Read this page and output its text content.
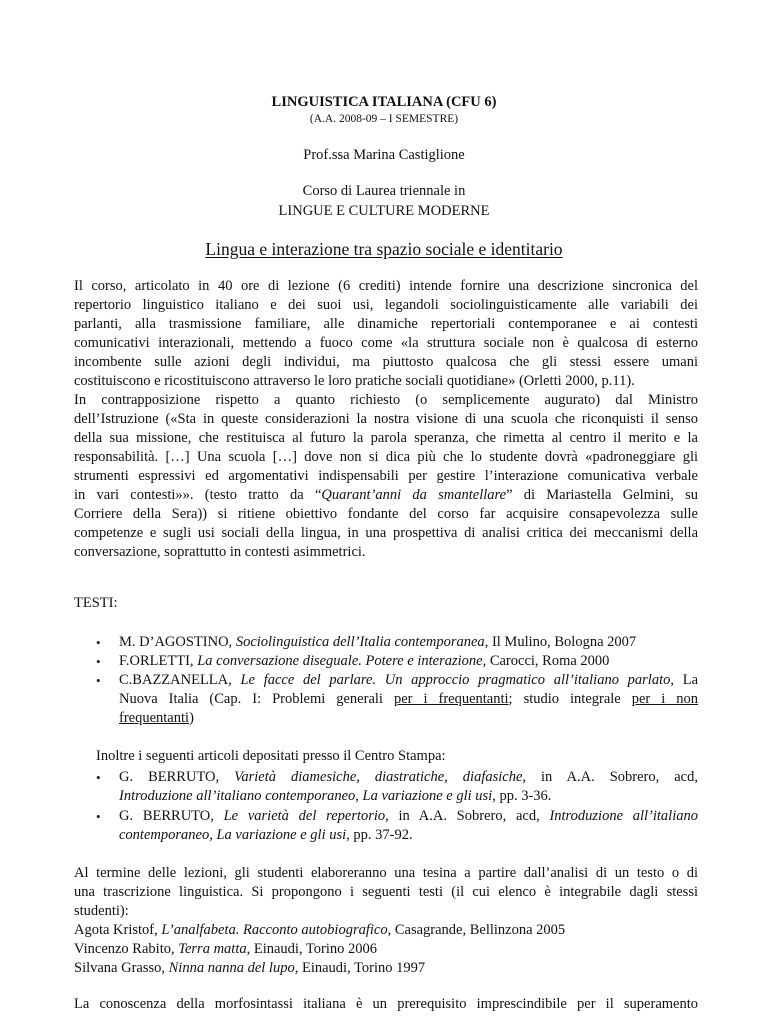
LINGUISTICA ITALIANA (CFU 6)
(A.A. 2008-09 – I SEMESTRE)
Prof.ssa Marina Castiglione
Corso di Laurea triennale in
LINGUE E CULTURE MODERNE
Lingua e interazione tra spazio sociale e identitario
Il corso, articolato in 40 ore di lezione (6 crediti) intende fornire una descrizione sincronica del
repertorio linguistico italiano e dei suoi usi, legandoli sociolinguisticamente alle variabili dei
parlanti, alla trasmissione familiare, alle dinamiche repertoriali contemporanee e ai contesti
comunicativi interazionali, mettendo a fuoco come «la struttura sociale non è qualcosa di esterno
incombente sulle azioni degli individui, ma piuttosto qualcosa che gli stessi essere umani
costituiscono e ricostituiscono attraverso le loro pratiche sociali quotidiane» (Orletti 2000, p.11).
In contrapposizione rispetto a quanto richiesto (o semplicemente augurato) dal Ministro
dell’Istruzione («Sta in queste considerazioni la nostra visione di una scuola che riconquisti il senso
della sua missione, che restituisca al futuro la parola speranza, che rimetta al centro il merito e la
responsabilità. […] Una scuola […] dove non si dica più che lo studente dovrà «padroneggiare gli
strumenti espressivi ed argomentativi indispensabili per gestire l’interazione comunicativa verbale
in vari contesti»». (testo tratto da “Quarant’anni da smantellare” di Mariastella Gelmini, su
Corriere della Sera)) si ritiene obiettivo fondante del corso far acquisire consapevolezza sulle
competenze e sugli usi sociali della lingua, in una prospettiva di analisi critica dei meccanismi della
conversazione, soprattutto in contesti asimmetrici.
TESTI:
• M. D’AGOSTINO, Sociolinguistica dell’Italia contemporanea, Il Mulino, Bologna 2007
• F.ORLETTI, La conversazione diseguale. Potere e interazione, Carocci, Roma 2000
• C.BAZZANELLA, Le facce del parlare. Un approccio pragmatico all’italiano parlato, La
Nuova Italia (Cap. I: Problemi generali per i frequentanti; studio integrale per i non
frequentanti)
Inoltre i seguenti articoli depositati presso il Centro Stampa:
• G. BERRUTO, Varietà diamesiche, diastratiche, diafasiche, in A.A. Sobrero, acd,
Introduzione all’italiano contemporaneo, La variazione e gli usi, pp. 3-36.
• G. BERRUTO, Le varietà del repertorio, in A.A. Sobrero, acd, Introduzione all’italiano
contemporaneo, La variazione e gli usi, pp. 37-92.
Al termine delle lezioni, gli studenti elaboreranno una tesina a partire dall’analisi di un testo o di
una trascrizione linguistica. Si propongono i seguenti testi (il cui elenco è integrabile dagli stessi
studenti):
Agota Kristof, L’analfabeta. Racconto autobiografico, Casagrande, Bellinzona 2005
Vincenzo Rabito, Terra matta, Einaudi, Torino 2006
Silvana Grasso, Ninna nanna del lupo, Einaudi, Torino 1997
La conoscenza della morfosintassi italiana è un prerequisito imprescindibile per il superamento
